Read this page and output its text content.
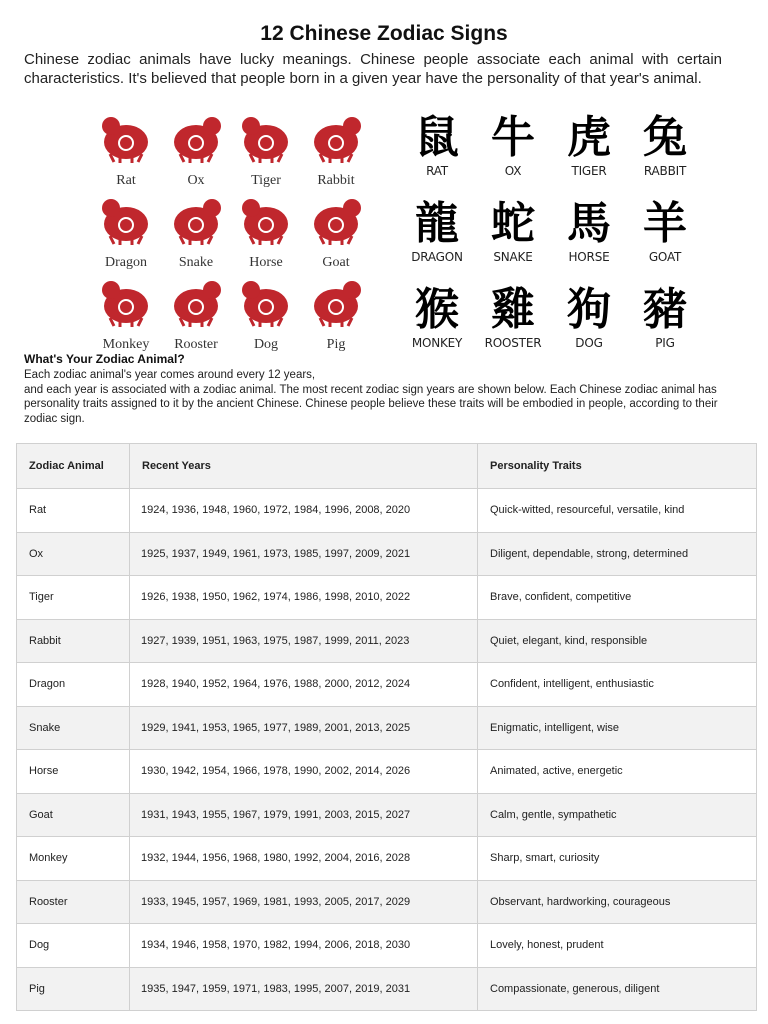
12 Chinese Zodiac Signs
Chinese zodiac animals have lucky meanings. Chinese people associate each animal with certain characteristics. It's believed that people born in a given year have the personality of that year's animal.
Rat	Ox	Tiger	Rabbit
Dragon	Snake	Horse	Goat
Monkey	Rooster	Dog	Pig
鼠
RAT
牛
OX
虎
TIGER
兔
RABBIT
龍
DRAGON
蛇
SNAKE
馬
HORSE
羊
GOAT
猴
MONKEY
雞
ROOSTER
狗
DOG
豬
PIG
What's Your Zodiac Animal?
Each zodiac animal's year comes around every 12 years,
and each year is associated with a zodiac animal. The most recent zodiac sign years are shown below. Each Chinese zodiac animal has personality traits assigned to it by the ancient Chinese. Chinese people believe these traits will be embodied in people, according to their zodiac sign.
Zodiac Animal	Recent Years	Personality Traits
Rat	1924, 1936, 1948, 1960, 1972, 1984, 1996, 2008, 2020	Quick-witted, resourceful, versatile, kind
Ox	1925, 1937, 1949, 1961, 1973, 1985, 1997, 2009, 2021	Diligent, dependable, strong, determined
Tiger	1926, 1938, 1950, 1962, 1974, 1986, 1998, 2010, 2022	Brave, confident, competitive
Rabbit	1927, 1939, 1951, 1963, 1975, 1987, 1999, 2011, 2023	Quiet, elegant, kind, responsible
Dragon	1928, 1940, 1952, 1964, 1976, 1988, 2000, 2012, 2024	Confident, intelligent, enthusiastic
Snake	1929, 1941, 1953, 1965, 1977, 1989, 2001, 2013, 2025	Enigmatic, intelligent, wise
Horse	1930, 1942, 1954, 1966, 1978, 1990, 2002, 2014, 2026	Animated, active, energetic
Goat	1931, 1943, 1955, 1967, 1979, 1991, 2003, 2015, 2027	Calm, gentle, sympathetic
Monkey	1932, 1944, 1956, 1968, 1980, 1992, 2004, 2016, 2028	Sharp, smart, curiosity
Rooster	1933, 1945, 1957, 1969, 1981, 1993, 2005, 2017, 2029	Observant, hardworking, courageous
Dog	1934, 1946, 1958, 1970, 1982, 1994, 2006, 2018, 2030	Lovely, honest, prudent
Pig	1935, 1947, 1959, 1971, 1983, 1995, 2007, 2019, 2031	Compassionate, generous, diligent
